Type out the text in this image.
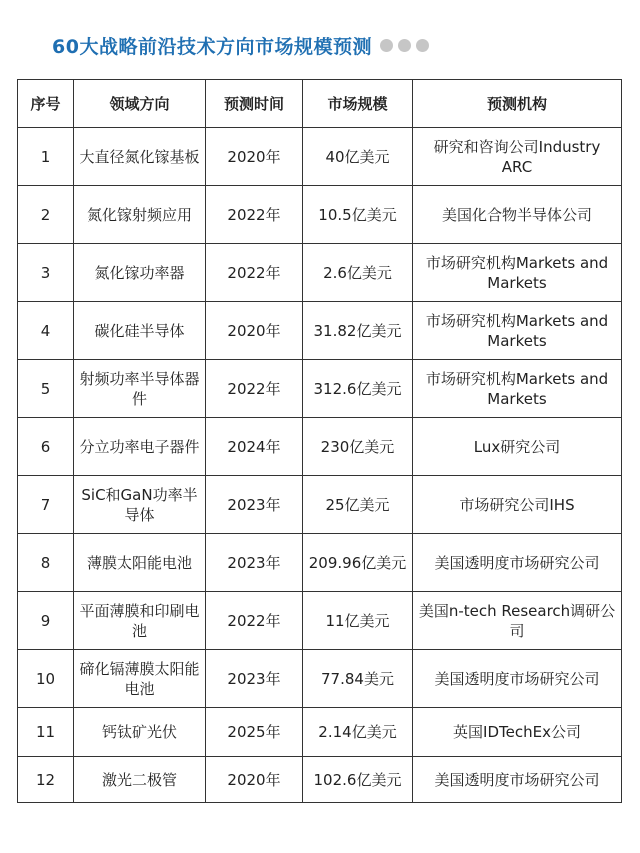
60大战略前沿技术方向市场规模预测
序号	领域方向	预测时间	市场规模	预测机构
1	大直径氮化镓基板	2020年	40亿美元	研究和咨询公司Industry ARC
2	氮化镓射频应用	2022年	10.5亿美元	美国化合物半导体公司
3	氮化镓功率器	2022年	2.6亿美元	市场研究机构Markets and Markets
4	碳化硅半导体	2020年	31.82亿美元	市场研究机构Markets and Markets
5	射频功率半导体器件	2022年	312.6亿美元	市场研究机构Markets and Markets
6	分立功率电子器件	2024年	230亿美元	Lux研究公司
7	SiC和GaN功率半导体	2023年	25亿美元	市场研究公司IHS
8	薄膜太阳能电池	2023年	209.96亿美元	美国透明度市场研究公司
9	平面薄膜和印刷电池	2022年	11亿美元	美国n-tech Research调研公司
10	碲化镉薄膜太阳能电池	2023年	77.84美元	美国透明度市场研究公司
11	钙钛矿光伏	2025年	2.14亿美元	英国IDTechEx公司
12	激光二极管	2020年	102.6亿美元	美国透明度市场研究公司
